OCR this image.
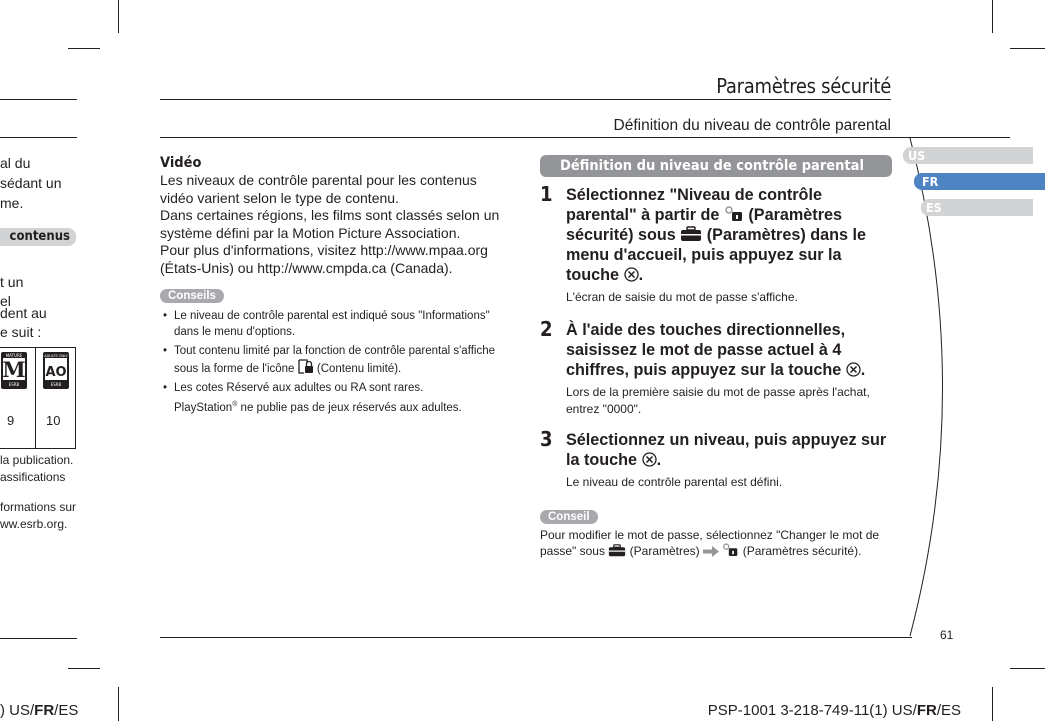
al du
sédant un
me.
contenus
t un
el
dent au
e suit :
MATURE
M
ESRB
ADULTS ONLY
AO
ESRB
9 10
la publication.
assifications
formations sur
ww.esrb.org.
Paramètres sécurité
Définition du niveau de contrôle parental
US
FR
ES

Vidéo

Les niveaux de contrôle parental pour les contenus vidéo varient selon le type de contenu.

Dans certaines régions, les films sont classés selon un système défini par la Motion Picture Association.

Pour plus d'informations, visitez http://www.mpaa.org (États-Unis) ou http://www.cmpda.ca (Canada).

Conseils
• Le niveau de contrôle parental est indiqué sous "Informations" dans le menu d'options.
• Tout contenu limité par la fonction de contrôle parental s'affiche sous la forme de l'icône (Contenu limité).
• Les cotes Réservé aux adultes ou RA sont rares.
PlayStation® ne publie pas de jeux réservés aux adultes.
Définition du niveau de contrôle parental
1 Sélectionnez "Niveau de contrôle parental" à partir de (Paramètres sécurité) sous (Paramètres) dans le menu d'accueil, puis appuyez sur la touche .

L'écran de saisie du mot de passe s'affiche.

2 À l'aide des touches directionnelles, saisissez le mot de passe actuel à 4 chiffres, puis appuyez sur la touche .

Lors de la première saisie du mot de passe après l'achat, entrez "0000".

3 Sélectionnez un niveau, puis appuyez sur la touche .

Le niveau de contrôle parental est défini.

Conseil

Pour modifier le mot de passe, sélectionnez "Changer le mot de passe" sous (Paramètres)	(Paramètres sécurité).

61
) US/FR/ES	PSP-1001 3-218-749-11(1) US/FR/ES
